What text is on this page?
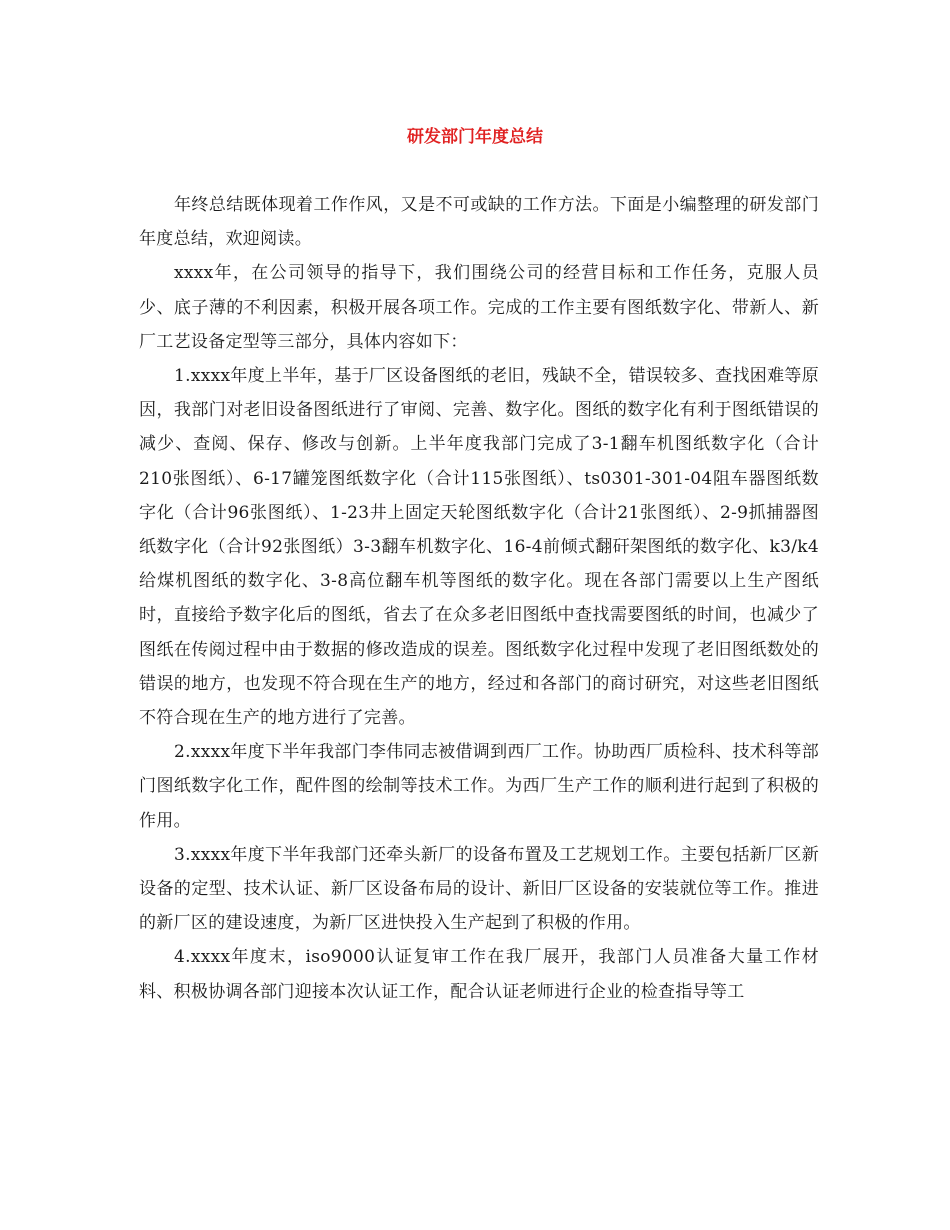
研发部门年度总结

年终总结既体现着工作作风，又是不可或缺的工作方法。下面是小编整理的研发部门年度总结，欢迎阅读。

xxxx年，在公司领导的指导下，我们围绕公司的经营目标和工作任务，克服人员少、底子薄的不利因素，积极开展各项工作。完成的工作主要有图纸数字化、带新人、新厂工艺设备定型等三部分，具体内容如下：

1.xxxx年度上半年，基于厂区设备图纸的老旧，残缺不全，错误较多、查找困难等原因，我部门对老旧设备图纸进行了审阅、完善、数字化。图纸的数字化有利于图纸错误的减少、查阅、保存、修改与创新。上半年度我部门完成了3-1翻车机图纸数字化（合计210张图纸）、6-17罐笼图纸数字化（合计115张图纸）、ts0301-301-04阻车器图纸数字化（合计96张图纸）、1-23井上固定天轮图纸数字化（合计21张图纸）、2-9抓捕器图纸数字化（合计92张图纸）3-3翻车机数字化、16-4前倾式翻矸架图纸的数字化、k3/k4给煤机图纸的数字化、3-8高位翻车机等图纸的数字化。现在各部门需要以上生产图纸时，直接给予数字化后的图纸，省去了在众多老旧图纸中查找需要图纸的时间，也减少了图纸在传阅过程中由于数据的修改造成的误差。图纸数字化过程中发现了老旧图纸数处的错误的地方，也发现不符合现在生产的地方，经过和各部门的商讨研究，对这些老旧图纸不符合现在生产的地方进行了完善。

2.xxxx年度下半年我部门李伟同志被借调到西厂工作。协助西厂质检科、技术科等部门图纸数字化工作，配件图的绘制等技术工作。为西厂生产工作的顺利进行起到了积极的作用。

3.xxxx年度下半年我部门还牵头新厂的设备布置及工艺规划工作。主要包括新厂区新设备的定型、技术认证、新厂区设备布局的设计、新旧厂区设备的安装就位等工作。推进的新厂区的建设速度，为新厂区进快投入生产起到了积极的作用。

4.xxxx年度末，iso9000认证复审工作在我厂展开，我部门人员准备大量工作材料、积极协调各部门迎接本次认证工作，配合认证老师进行企业的检查指导等工
